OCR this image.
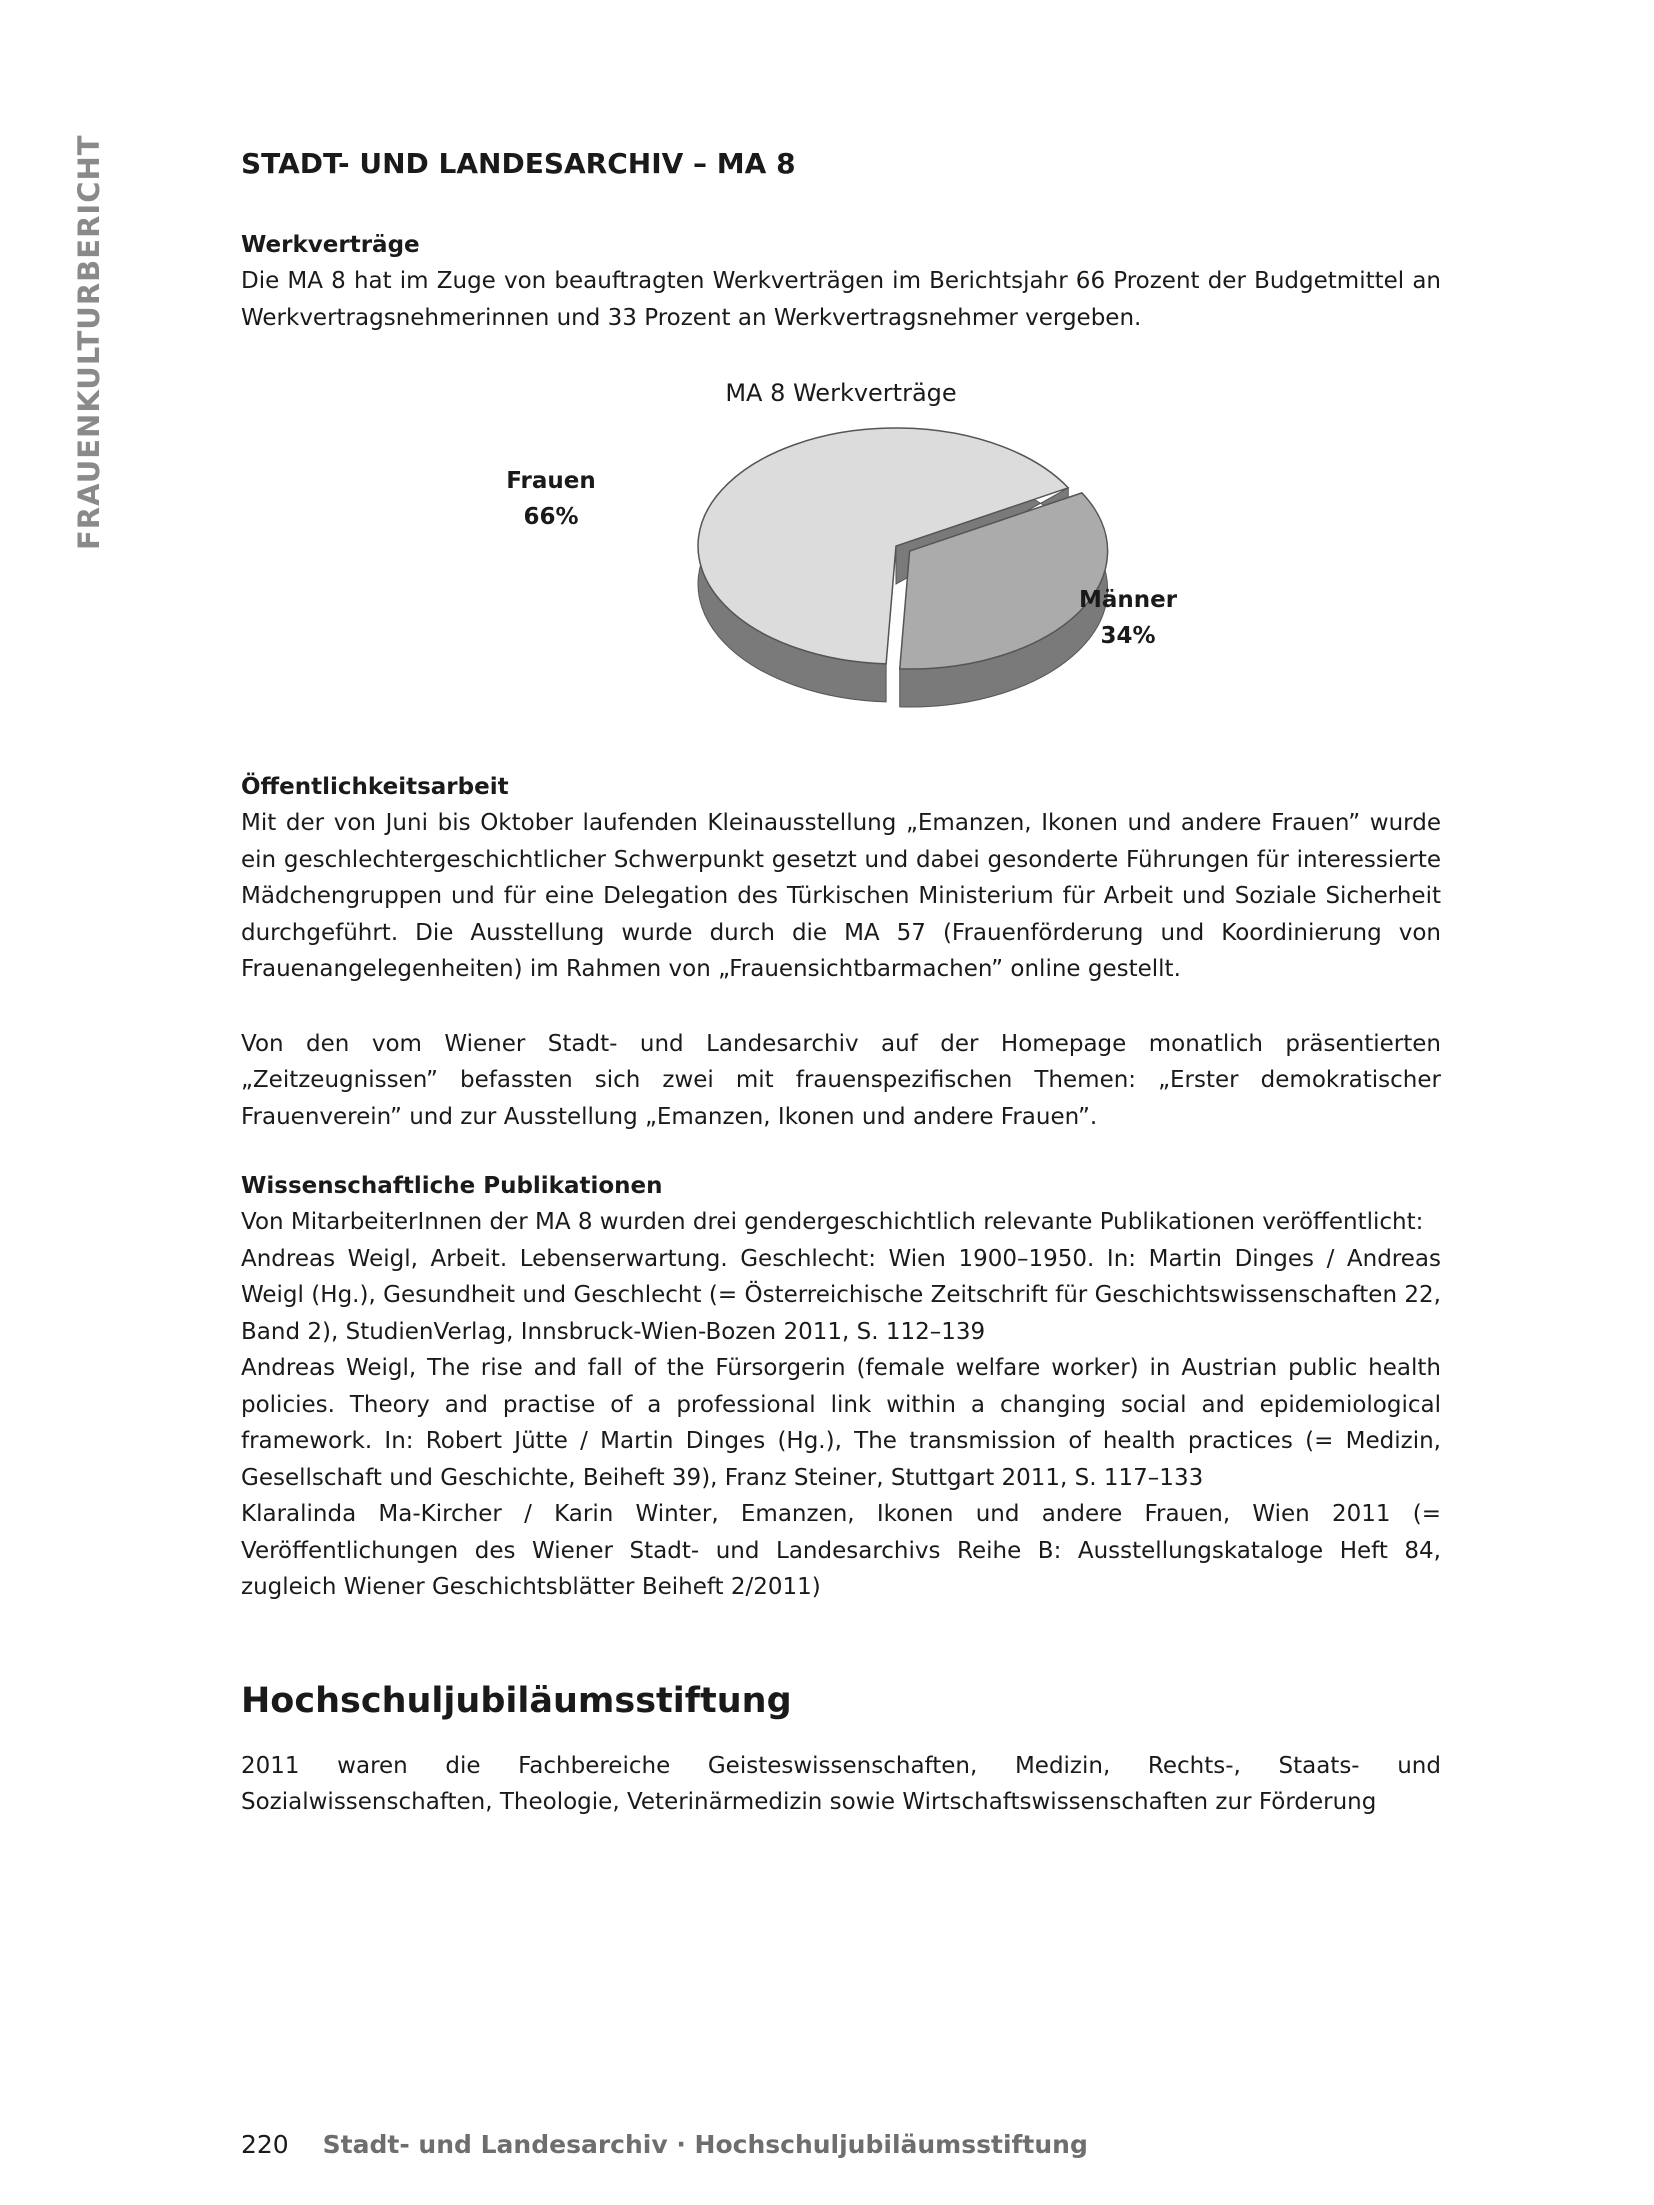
FRAUENKULTURBERICHT	STADT- UND LANDESARCHIV – MA 8
Werkverträge

Die MA 8 hat im Zuge von beauftragten Werkverträgen im Berichtsjahr 66 Prozent der Budgetmittel an Werkvertragsnehmerinnen und 33 Prozent an Werkvertragsnehmer vergeben.

MA 8 Werkverträge
Frauen
66%
Männer
34%
Öffentlichkeitsarbeit

Mit der von Juni bis Oktober laufenden Kleinausstellung „Emanzen, Ikonen und andere Frauen” wurde ein geschlechtergeschichtlicher Schwerpunkt gesetzt und dabei gesonderte Führungen für interessierte Mädchengruppen und für eine Delegation des Türkischen Ministerium für Arbeit und Soziale Sicherheit durchgeführt. Die Ausstellung wurde durch die MA 57 (Frauenförderung und Koordinierung von Frauenangelegenheiten) im Rahmen von „Frauensichtbarmachen” online gestellt.

Von den vom Wiener Stadt- und Landesarchiv auf der Homepage monatlich präsentierten „Zeitzeugnissen” befassten sich zwei mit frauenspezifischen Themen: „Erster demokratischer Frauenverein” und zur Ausstellung „Emanzen, Ikonen und andere Frauen”.

Wissenschaftliche Publikationen

Von MitarbeiterInnen der MA 8 wurden drei gendergeschichtlich relevante Publikationen veröffentlicht:

Andreas Weigl, Arbeit. Lebenserwartung. Geschlecht: Wien 1900–1950. In: Martin Dinges / Andreas Weigl (Hg.), Gesundheit und Geschlecht (= Österreichische Zeitschrift für Geschichtswissenschaften 22, Band 2), StudienVerlag, Innsbruck-Wien-Bozen 2011, S. 112–139

Andreas Weigl, The rise and fall of the Fürsorgerin (female welfare worker) in Austrian public health policies. Theory and practise of a professional link within a changing social and epidemiological framework. In: Robert Jütte / Martin Dinges (Hg.), The transmission of health practices (= Medizin, Gesellschaft und Geschichte, Beiheft 39), Franz Steiner, Stuttgart 2011, S. 117–133

Klaralinda Ma-Kircher / Karin Winter, Emanzen, Ikonen und andere Frauen, Wien 2011 (= Veröffentlichungen des Wiener Stadt- und Landesarchivs Reihe B: Ausstellungskataloge Heft 84, zugleich Wiener Geschichtsblätter Beiheft 2/2011)

Hochschuljubiläumsstiftung

2011 waren die Fachbereiche Geisteswissenschaften, Medizin, Rechts-, Staats- und Sozialwissenschaften, Theologie, Veterinärmedizin sowie Wirtschaftswissenschaften zur Förderung

220 Stadt- und Landesarchiv · Hochschuljubiläumsstiftung
